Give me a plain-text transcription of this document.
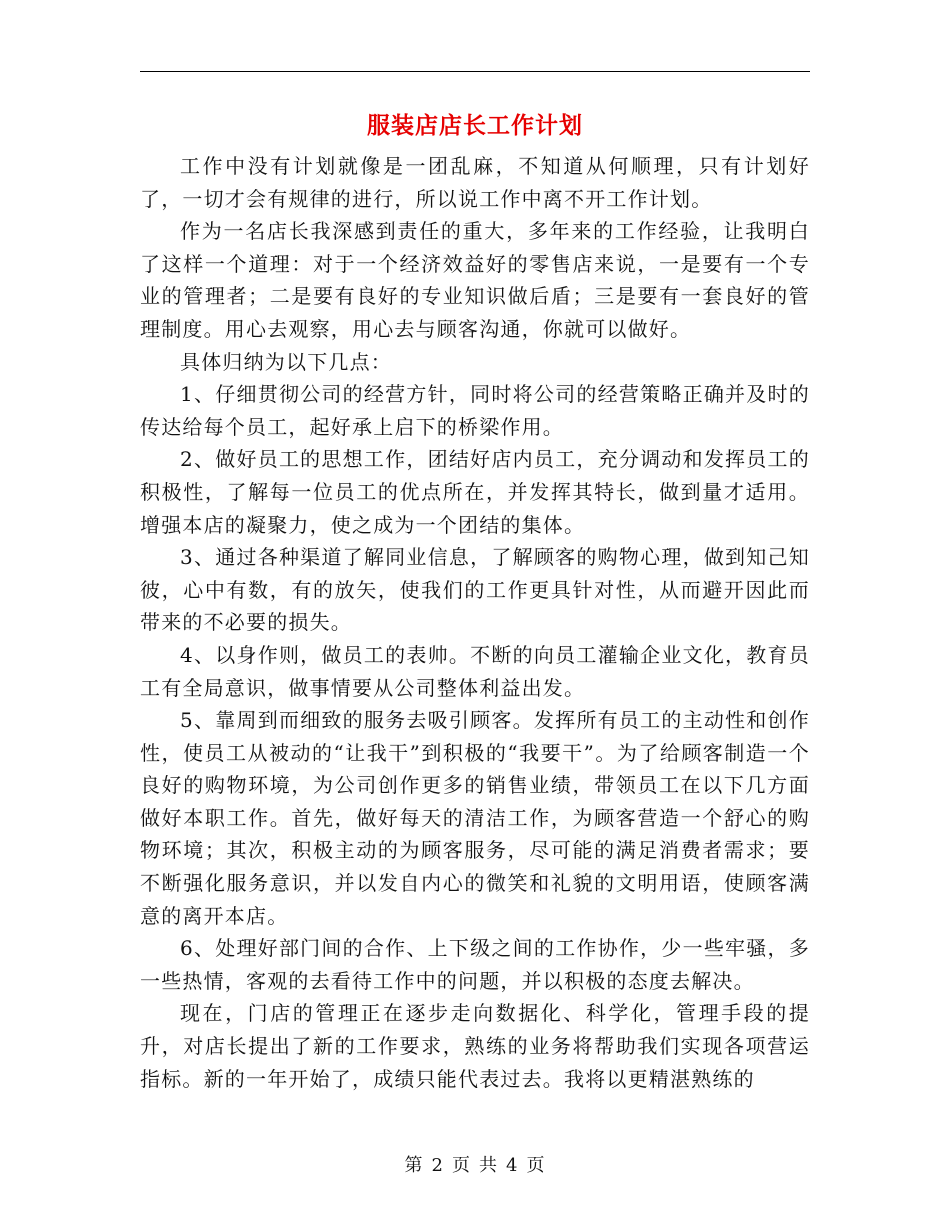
服装店店长工作计划

工作中没有计划就像是一团乱麻，不知道从何顺理，只有计划好了，一切才会有规律的进行，所以说工作中离不开工作计划。

作为一名店长我深感到责任的重大，多年来的工作经验，让我明白了这样一个道理：对于一个经济效益好的零售店来说，一是要有一个专业的管理者；二是要有良好的专业知识做后盾；三是要有一套良好的管理制度。用心去观察，用心去与顾客沟通，你就可以做好。

具体归纳为以下几点：

1、仔细贯彻公司的经营方针，同时将公司的经营策略正确并及时的传达给每个员工，起好承上启下的桥梁作用。

2、做好员工的思想工作，团结好店内员工，充分调动和发挥员工的积极性，了解每一位员工的优点所在，并发挥其特长，做到量才适用。增强本店的凝聚力，使之成为一个团结的集体。

3、通过各种渠道了解同业信息，了解顾客的购物心理，做到知己知彼，心中有数，有的放矢，使我们的工作更具针对性，从而避开因此而带来的不必要的损失。

4、以身作则，做员工的表帅。不断的向员工灌输企业文化，教育员工有全局意识，做事情要从公司整体利益出发。

5、靠周到而细致的服务去吸引顾客。发挥所有员工的主动性和创作性，使员工从被动的“让我干”到积极的“我要干”。为了给顾客制造一个良好的购物环境，为公司创作更多的销售业绩，带领员工在以下几方面做好本职工作。首先，做好每天的清洁工作，为顾客营造一个舒心的购物环境；其次，积极主动的为顾客服务，尽可能的满足消费者需求；要不断强化服务意识，并以发自内心的微笑和礼貌的文明用语，使顾客满意的离开本店。

6、处理好部门间的合作、上下级之间的工作协作，少一些牢骚，多一些热情，客观的去看待工作中的问题，并以积极的态度去解决。

现在，门店的管理正在逐步走向数据化、科学化，管理手段的提升，对店长提出了新的工作要求，熟练的业务将帮助我们实现各项营运指标。新的一年开始了，成绩只能代表过去。我将以更精湛熟练的

第 2 页 共 4 页
